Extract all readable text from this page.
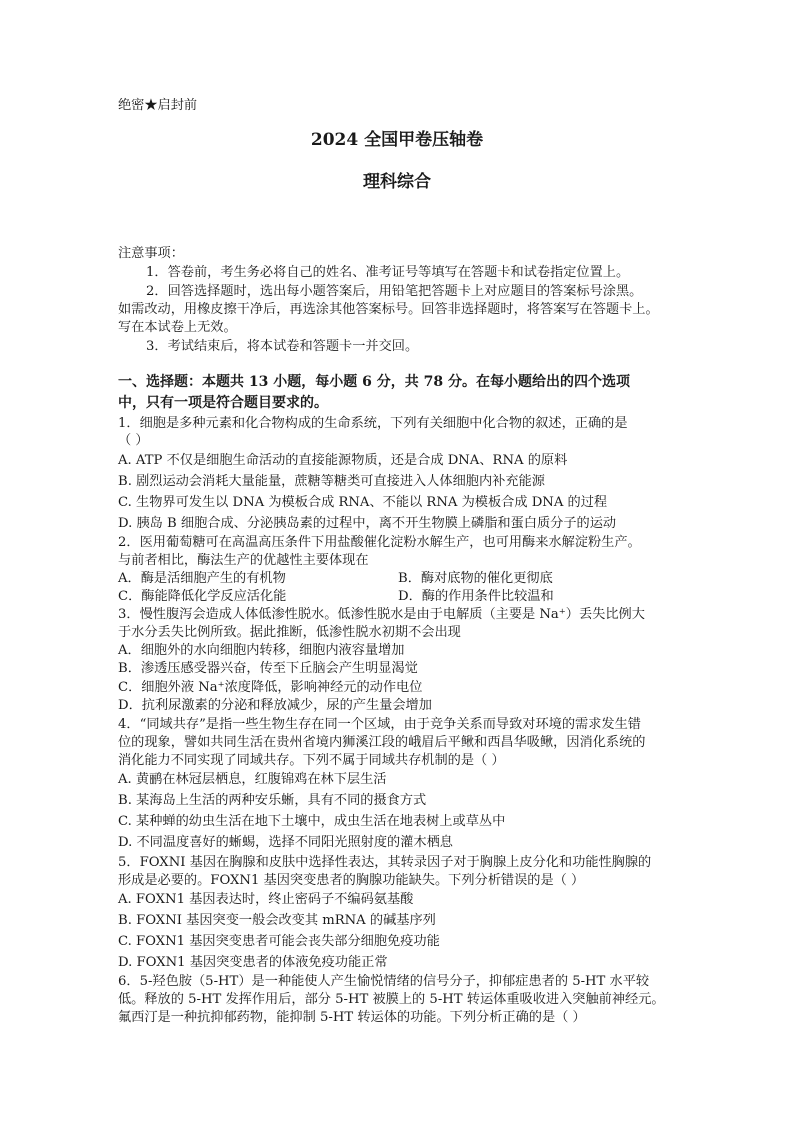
绝密★启封前
2024 全国甲卷压轴卷
理科综合
注意事项：
1．答卷前，考生务必将自己的姓名、准考证号等填写在答题卡和试卷指定位置上。
2．回答选择题时，选出每小题答案后，用铅笔把答题卡上对应题目的答案标号涂黑。
如需改动，用橡皮擦干净后，再选涂其他答案标号。回答非选择题时，将答案写在答题卡上。
写在本试卷上无效。
3．考试结束后，将本试卷和答题卡一并交回。
一、选择题：本题共 13 小题，每小题 6 分，共 78 分。在每小题给出的四个选项
中，只有一项是符合题目要求的。
1．细胞是多种元素和化合物构成的生命系统，下列有关细胞中化合物的叙述，正确的是
（ ）
A. ATP 不仅是细胞生命活动的直接能源物质，还是合成 DNA、RNA 的原料
B. 剧烈运动会消耗大量能量，蔗糖等糖类可直接进入人体细胞内补充能源
C. 生物界可发生以 DNA 为模板合成 RNA、不能以 RNA 为模板合成 DNA 的过程
D. 胰岛 B 细胞合成、分泌胰岛素的过程中，离不开生物膜上磷脂和蛋白质分子的运动
2．医用葡萄糖可在高温高压条件下用盐酸催化淀粉水解生产，也可用酶来水解淀粉生产。
与前者相比，酶法生产的优越性主要体现在
A．酶是活细胞产生的有机物	B．酶对底物的催化更彻底
C．酶能降低化学反应活化能	D．酶的作用条件比较温和
3．慢性腹泻会造成人体低渗性脱水。低渗性脱水是由于电解质（主要是 Na⁺）丢失比例大
于水分丢失比例所致。据此推断，低渗性脱水初期不会出现
A．细胞外的水向细胞内转移，细胞内液容量增加
B．渗透压感受器兴奋，传至下丘脑会产生明显渴觉
C．细胞外液 Na⁺浓度降低，影响神经元的动作电位
D．抗利尿激素的分泌和释放减少，尿的产生量会增加
4．“同域共存”是指一些生物生存在同一个区域，由于竞争关系而导致对环境的需求发生错
位的现象，譬如共同生活在贵州省境内狮溪江段的峨眉后平鳅和西昌华吸鳅，因消化系统的
消化能力不同实现了同域共存。下列不属于同域共存机制的是（ ）
A. 黄鹂在林冠层栖息，红腹锦鸡在林下层生活
B. 某海岛上生活的两种安乐蜥，具有不同的摄食方式
C. 某种蝉的幼虫生活在地下土壤中，成虫生活在地表树上或草丛中
D. 不同温度喜好的蜥蜴，选择不同阳光照射度的灌木栖息
5．FOXNI 基因在胸腺和皮肤中选择性表达，其转录因子对于胸腺上皮分化和功能性胸腺的
形成是必要的。FOXN1 基因突变患者的胸腺功能缺失。下列分析错误的是（ ）
A. FOXN1 基因表达时，终止密码子不编码氨基酸
B. FOXNI 基因突变一般会改变其 mRNA 的碱基序列
C. FOXN1 基因突变患者可能会丧失部分细胞免疫功能
D. FOXN1 基因突变患者的体液免疫功能正常
6．5-羟色胺（5-HT）是一种能使人产生愉悦情绪的信号分子，抑郁症患者的 5-HT 水平较
低。释放的 5-HT 发挥作用后，部分 5-HT 被膜上的 5-HT 转运体重吸收进入突触前神经元。
氟西汀是一种抗抑郁药物，能抑制 5-HT 转运体的功能。下列分析正确的是（ ）
